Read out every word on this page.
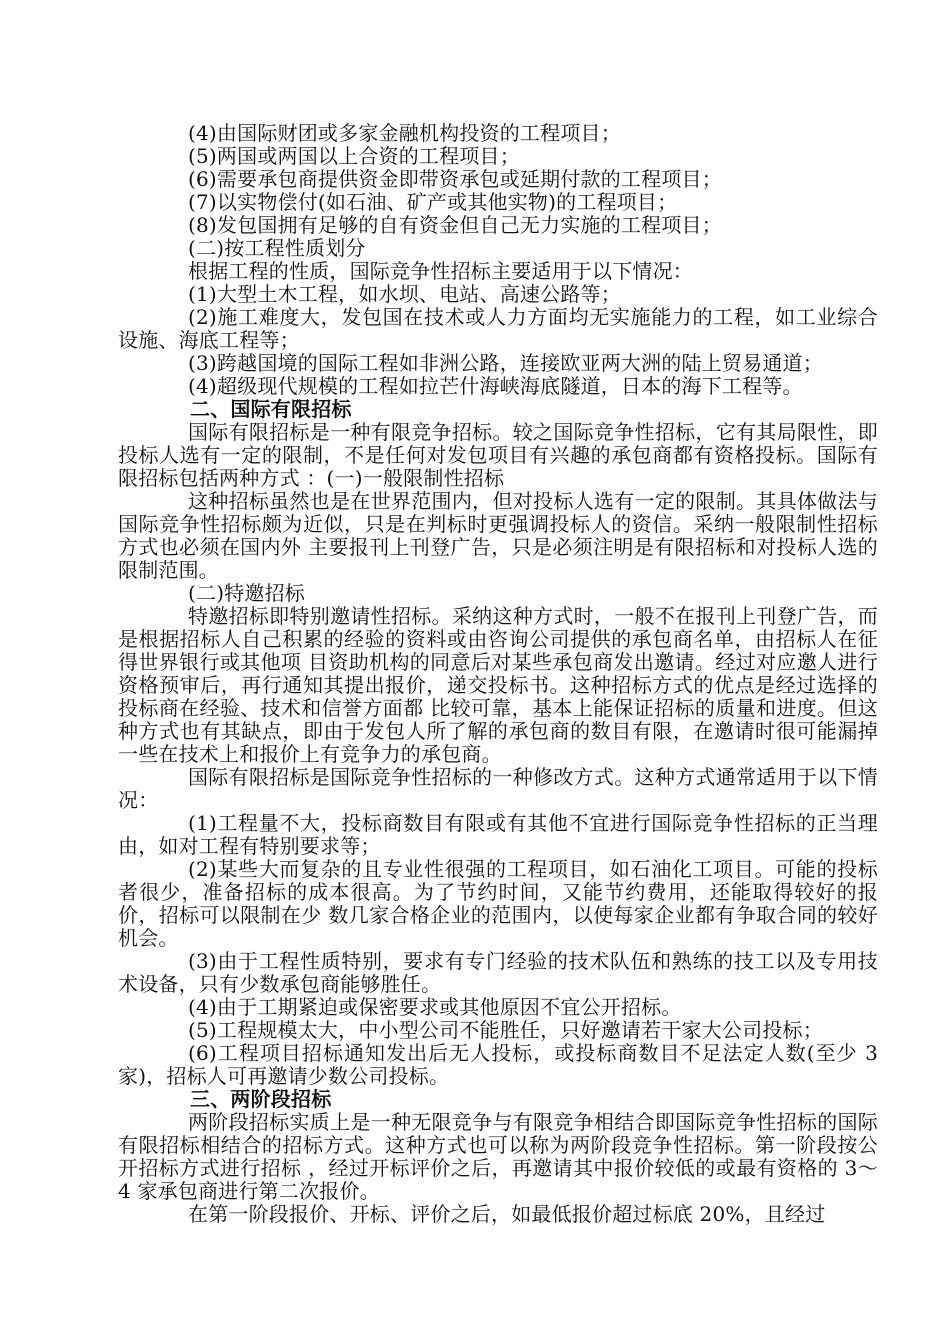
(4)由国际财团或多家金融机构投资的工程项目；

(5)两国或两国以上合资的工程项目；

(6)需要承包商提供资金即带资承包或延期付款的工程项目；

(7)以实物偿付(如石油、矿产或其他实物)的工程项目；

(8)发包国拥有足够的自有资金但自己无力实施的工程项目；

(二)按工程性质划分

根据工程的性质，国际竞争性招标主要适用于以下情况：

(1)大型土木工程，如水坝、电站、高速公路等；

(2)施工难度大，发包国在技术或人力方面均无实施能力的工程，如工业综合设施、海底工程等；

(3)跨越国境的国际工程如非洲公路，连接欧亚两大洲的陆上贸易通道；

(4)超级现代规模的工程如拉芒什海峡海底隧道，日本的海下工程等。

二、国际有限招标

国际有限招标是一种有限竞争招标。较之国际竞争性招标，它有其局限性，即投标人选有一定的限制，不是任何对发包项目有兴趣的承包商都有资格投标。国际有限招标包括两种方式 ：(一)一般限制性招标

这种招标虽然也是在世界范围内，但对投标人选有一定的限制。其具体做法与国际竞争性招标颇为近似，只是在判标时更强调投标人的资信。采纳一般限制性招标方式也必须在国内外 主要报刊上刊登广告，只是必须注明是有限招标和对投标人选的限制范围。

(二)特邀招标

特邀招标即特别邀请性招标。采纳这种方式时，一般不在报刊上刊登广告，而是根据招标人自己积累的经验的资料或由咨询公司提供的承包商名单，由招标人在征得世界银行或其他项 目资助机构的同意后对某些承包商发出邀请。经过对应邀人进行资格预审后，再行通知其提出报价，递交投标书。这种招标方式的优点是经过选择的投标商在经验、技术和信誉方面都 比较可靠，基本上能保证招标的质量和进度。但这种方式也有其缺点，即由于发包人所了解的承包商的数目有限，在邀请时很可能漏掉一些在技术上和报价上有竞争力的承包商。

国际有限招标是国际竞争性招标的一种修改方式。这种方式通常适用于以下情况：

(1)工程量不大，投标商数目有限或有其他不宜进行国际竞争性招标的正当理由，如对工程有特别要求等；

(2)某些大而复杂的且专业性很强的工程项目，如石油化工项目。可能的投标者很少，准备招标的成本很高。为了节约时间，又能节约费用，还能取得较好的报价，招标可以限制在少 数几家合格企业的范围内，以使每家企业都有争取合同的较好机会。

(3)由于工程性质特别，要求有专门经验的技术队伍和熟练的技工以及专用技术设备，只有少数承包商能够胜任。

(4)由于工期紧迫或保密要求或其他原因不宜公开招标。

(5)工程规模太大，中小型公司不能胜任，只好邀请若干家大公司投标；

(6)工程项目招标通知发出后无人投标，或投标商数目不足法定人数(至少 3 家)，招标人可再邀请少数公司投标。

三、两阶段招标

两阶段招标实质上是一种无限竞争与有限竞争相结合即国际竞争性招标的国际有限招标相结合的招标方式。这种方式也可以称为两阶段竞争性招标。第一阶段按公开招标方式进行招标 ，经过开标评价之后，再邀请其中报价较低的或最有资格的 3～4 家承包商进行第二次报价。

在第一阶段报价、开标、评价之后，如最低报价超过标底 20%，且经过
